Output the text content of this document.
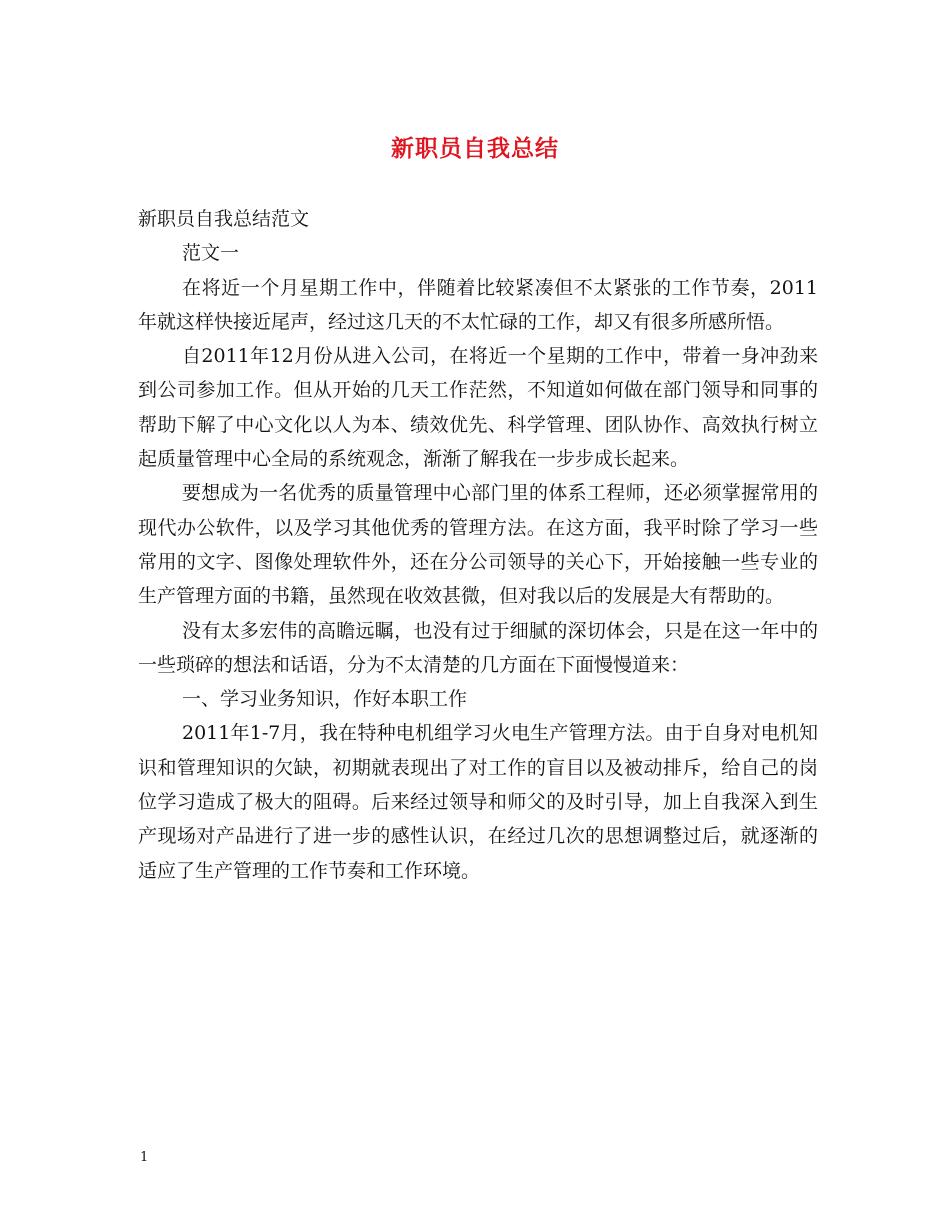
新职员自我总结

新职员自我总结范文

范文一

在将近一个月星期工作中，伴随着比较紧凑但不太紧张的工作节奏，2011年就这样快接近尾声，经过这几天的不太忙碌的工作，却又有很多所感所悟。

自2011年12月份从进入公司，在将近一个星期的工作中，带着一身冲劲来到公司参加工作。但从开始的几天工作茫然，不知道如何做在部门领导和同事的帮助下解了中心文化以人为本、绩效优先、科学管理、团队协作、高效执行树立起质量管理中心全局的系统观念，渐渐了解我在一步步成长起来。

要想成为一名优秀的质量管理中心部门里的体系工程师，还必须掌握常用的现代办公软件，以及学习其他优秀的管理方法。在这方面，我平时除了学习一些常用的文字、图像处理软件外，还在分公司领导的关心下，开始接触一些专业的生产管理方面的书籍，虽然现在收效甚微，但对我以后的发展是大有帮助的。

没有太多宏伟的高瞻远瞩，也没有过于细腻的深切体会，只是在这一年中的一些琐碎的想法和话语，分为不太清楚的几方面在下面慢慢道来：

一、学习业务知识，作好本职工作

2011年1-7月，我在特种电机组学习火电生产管理方法。由于自身对电机知识和管理知识的欠缺，初期就表现出了对工作的盲目以及被动排斥，给自己的岗位学习造成了极大的阻碍。后来经过领导和师父的及时引导，加上自我深入到生产现场对产品进行了进一步的感性认识，在经过几次的思想调整过后，就逐渐的适应了生产管理的工作节奏和工作环境。

1
